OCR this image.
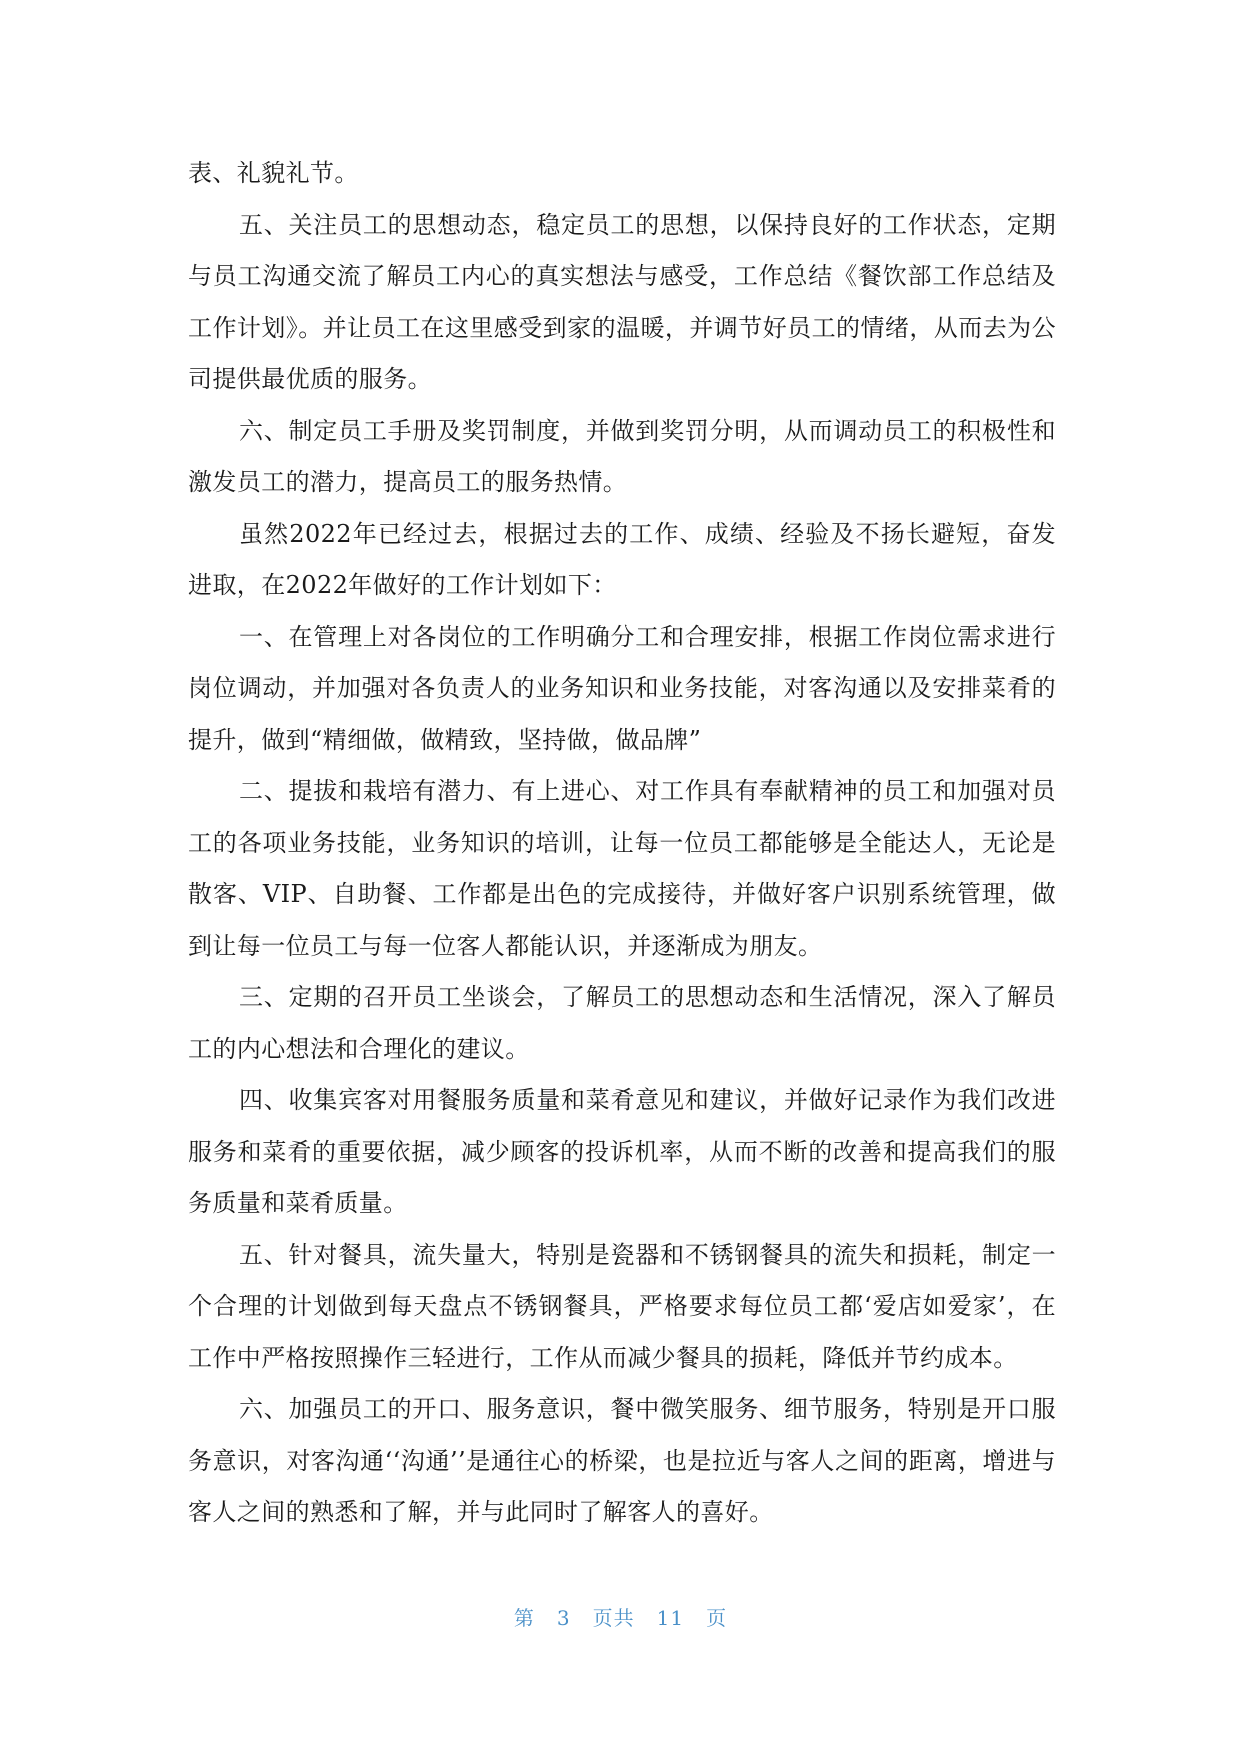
表、礼貌礼节。

五、关注员工的思想动态，稳定员工的思想，以保持良好的工作状态，定期与员工沟通交流了解员工内心的真实想法与感受，工作总结《餐饮部工作总结及工作计划》。并让员工在这里感受到家的温暖，并调节好员工的情绪，从而去为公司提供最优质的服务。

六、制定员工手册及奖罚制度，并做到奖罚分明，从而调动员工的积极性和激发员工的潜力，提高员工的服务热情。

虽然2022年已经过去，根据过去的工作、成绩、经验及不扬长避短，奋发进取，在2022年做好的工作计划如下：

一、在管理上对各岗位的工作明确分工和合理安排，根据工作岗位需求进行岗位调动，并加强对各负责人的业务知识和业务技能，对客沟通以及安排菜肴的提升，做到“精细做，做精致，坚持做，做品牌”

二、提拔和栽培有潜力、有上进心、对工作具有奉献精神的员工和加强对员工的各项业务技能，业务知识的培训，让每一位员工都能够是全能达人，无论是散客、VIP、自助餐、工作都是出色的完成接待，并做好客户识别系统管理，做到让每一位员工与每一位客人都能认识，并逐渐成为朋友。

三、定期的召开员工坐谈会，了解员工的思想动态和生活情况，深入了解员工的内心想法和合理化的建议。

四、收集宾客对用餐服务质量和菜肴意见和建议，并做好记录作为我们改进服务和菜肴的重要依据，减少顾客的投诉机率，从而不断的改善和提高我们的服务质量和菜肴质量。

五、针对餐具，流失量大，特别是瓷器和不锈钢餐具的流失和损耗，制定一个合理的计划做到每天盘点不锈钢餐具，严格要求每位员工都‘爱店如爱家’，在工作中严格按照操作三轻进行，工作从而减少餐具的损耗，降低并节约成本。

六、加强员工的开口、服务意识，餐中微笑服务、细节服务，特别是开口服务意识，对客沟通‘‘沟通’’是通往心的桥梁，也是拉近与客人之间的距离，增进与客人之间的熟悉和了解，并与此同时了解客人的喜好。

第 3 页共 11 页
